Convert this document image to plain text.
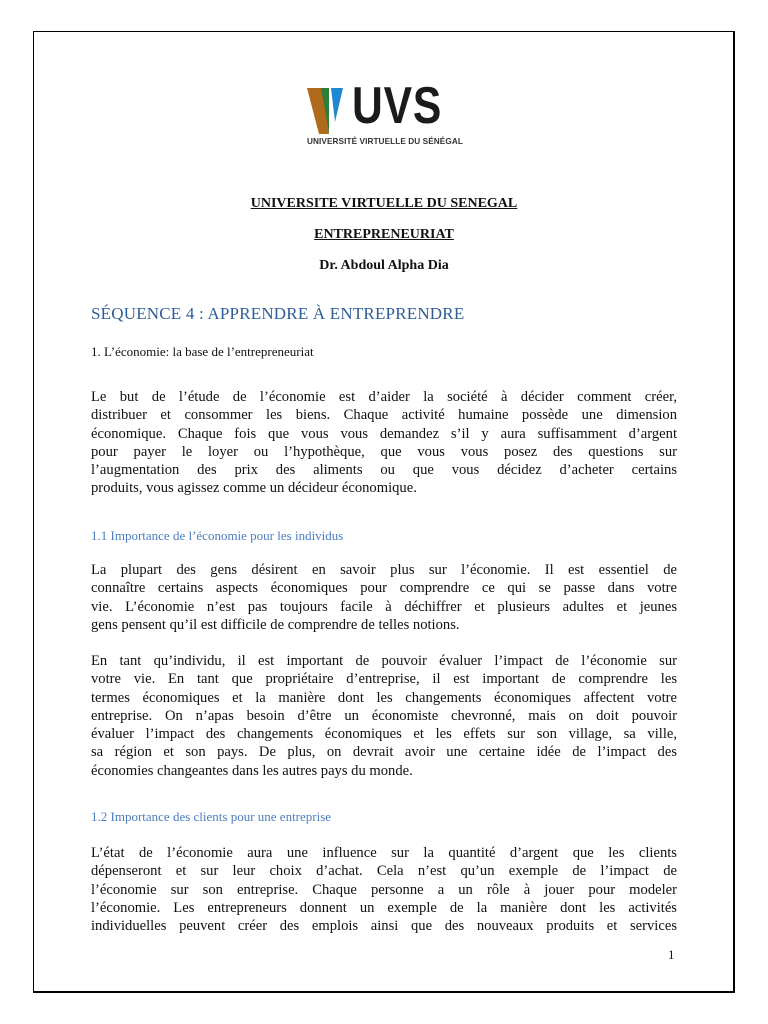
UVS
UNIVERSITÉ VIRTUELLE DU SÉNÉGAL
UNIVERSITE VIRTUELLE DU SENEGAL
ENTREPRENEURIAT
Dr. Abdoul Alpha Dia
SÉQUENCE 4 : APPRENDRE À ENTREPRENDRE
1. L’économie: la base de l’entrepreneuriat
Le but de l’étude de l’économie est d’aider la société à décider comment créer,
distribuer et consommer les biens. Chaque activité humaine possède une dimension
économique. Chaque fois que vous vous demandez s’il y aura suffisamment d’argent
pour payer le loyer ou l’hypothèque, que vous vous posez des questions sur
l’augmentation des prix des aliments ou que vous décidez d’acheter certains
produits, vous agissez comme un décideur économique.
1.1 Importance de l’économie pour les individus
La plupart des gens désirent en savoir plus sur l’économie. Il est essentiel de
connaître certains aspects économiques pour comprendre ce qui se passe dans votre
vie. L’économie n’est pas toujours facile à déchiffrer et plusieurs adultes et jeunes
gens pensent qu’il est difficile de comprendre de telles notions.
En tant qu’individu, il est important de pouvoir évaluer l’impact de l’économie sur
votre vie. En tant que propriétaire d’entreprise, il est important de comprendre les
termes économiques et la manière dont les changements économiques affectent votre
entreprise. On n’apas besoin d’être un économiste chevronné, mais on doit pouvoir
évaluer l’impact des changements économiques et les effets sur son village, sa ville,
sa région et son pays. De plus, on devrait avoir une certaine idée de l’impact des
économies changeantes dans les autres pays du monde.
1.2 Importance des clients pour une entreprise
L’état de l’économie aura une influence sur la quantité d’argent que les clients
dépenseront et sur leur choix d’achat. Cela n’est qu’un exemple de l’impact de
l’économie sur son entreprise. Chaque personne a un rôle à jouer pour modeler
l’économie. Les entrepreneurs donnent un exemple de la manière dont les activités
individuelles peuvent créer des emplois ainsi que des nouveaux produits et services
1
